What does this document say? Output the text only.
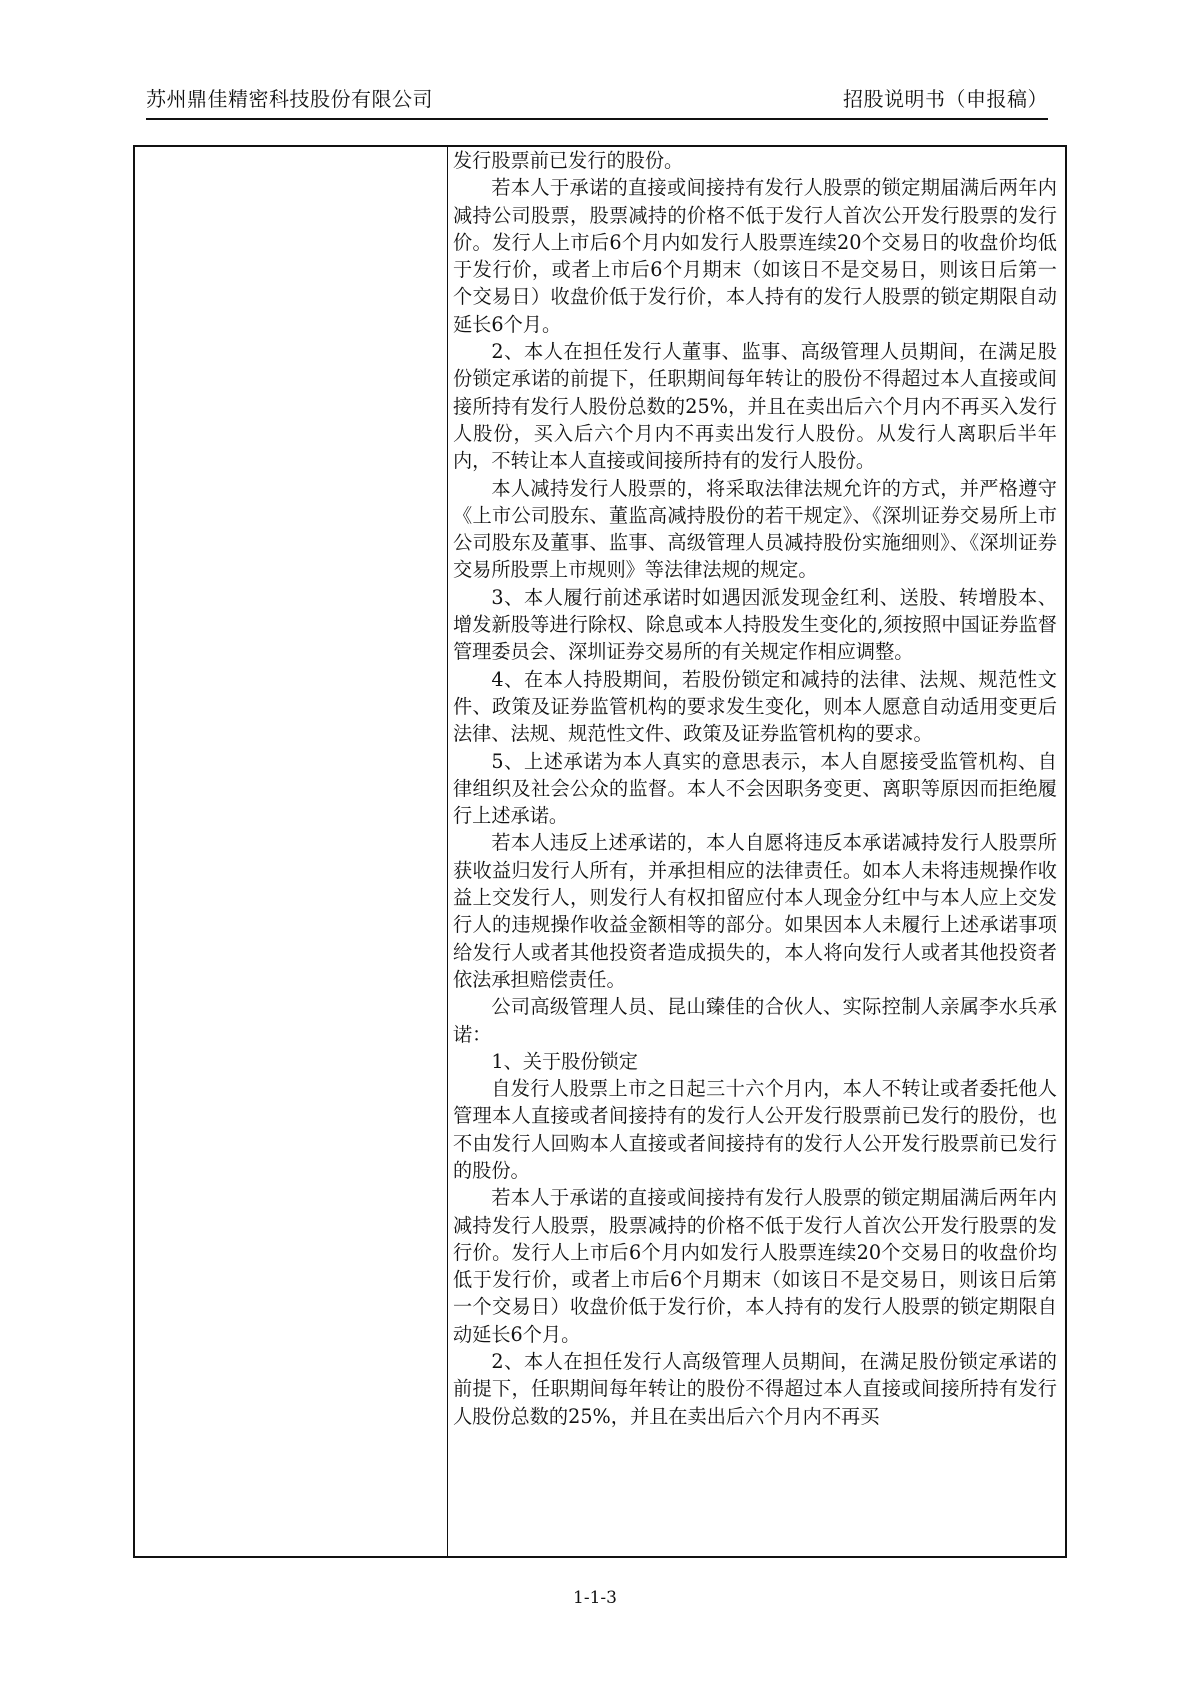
苏州鼎佳精密科技股份有限公司	招股说明书（申报稿）

发行股票前已发行的股份。

若本人于承诺的直接或间接持有发行人股票的锁定期届满后两年内减持公司股票，股票减持的价格不低于发行人首次公开发行股票的发行价。发行人上市后6个月内如发行人股票连续20个交易日的收盘价均低于发行价，或者上市后6个月期末（如该日不是交易日，则该日后第一个交易日）收盘价低于发行价，本人持有的发行人股票的锁定期限自动延长6个月。

2、本人在担任发行人董事、监事、高级管理人员期间，在满足股份锁定承诺的前提下，任职期间每年转让的股份不得超过本人直接或间接所持有发行人股份总数的25%，并且在卖出后六个月内不再买入发行人股份，买入后六个月内不再卖出发行人股份。从发行人离职后半年内，不转让本人直接或间接所持有的发行人股份。

本人减持发行人股票的，将采取法律法规允许的方式，并严格遵守《上市公司股东、董监高减持股份的若干规定》、《深圳证券交易所上市公司股东及董事、监事、高级管理人员减持股份实施细则》、《深圳证券交易所股票上市规则》等法律法规的规定。

3、本人履行前述承诺时如遇因派发现金红利、送股、转增股本、增发新股等进行除权、除息或本人持股发生变化的,须按照中国证券监督管理委员会、深圳证券交易所的有关规定作相应调整。

4、在本人持股期间，若股份锁定和减持的法律、法规、规范性文件、政策及证券监管机构的要求发生变化，则本人愿意自动适用变更后法律、法规、规范性文件、政策及证券监管机构的要求。

5、上述承诺为本人真实的意思表示，本人自愿接受监管机构、自律组织及社会公众的监督。本人不会因职务变更、离职等原因而拒绝履行上述承诺。

若本人违反上述承诺的，本人自愿将违反本承诺减持发行人股票所获收益归发行人所有，并承担相应的法律责任。如本人未将违规操作收益上交发行人，则发行人有权扣留应付本人现金分红中与本人应上交发行人的违规操作收益金额相等的部分。如果因本人未履行上述承诺事项给发行人或者其他投资者造成损失的，本人将向发行人或者其他投资者依法承担赔偿责任。

公司高级管理人员、昆山臻佳的合伙人、实际控制人亲属李水兵承诺：

1、关于股份锁定

自发行人股票上市之日起三十六个月内，本人不转让或者委托他人管理本人直接或者间接持有的发行人公开发行股票前已发行的股份，也不由发行人回购本人直接或者间接持有的发行人公开发行股票前已发行的股份。

若本人于承诺的直接或间接持有发行人股票的锁定期届满后两年内减持发行人股票，股票减持的价格不低于发行人首次公开发行股票的发行价。发行人上市后6个月内如发行人股票连续20个交易日的收盘价均低于发行价，或者上市后6个月期末（如该日不是交易日，则该日后第一个交易日）收盘价低于发行价，本人持有的发行人股票的锁定期限自动延长6个月。

2、本人在担任发行人高级管理人员期间，在满足股份锁定承诺的前提下，任职期间每年转让的股份不得超过本人直接或间接所持有发行人股份总数的25%，并且在卖出后六个月内不再买

1-1-3
